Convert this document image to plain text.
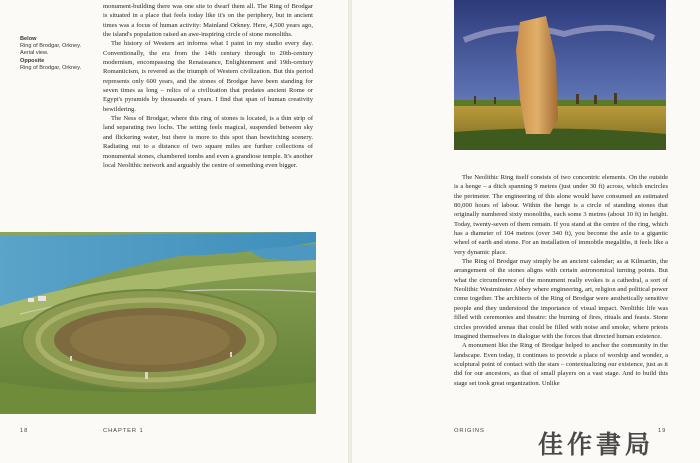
Below
Ring of Brodgar, Orkney. Aerial view.
Opposite
Ring of Brodgar, Orkney.

monument-building there was one site to dwarf them all. The Ring of Brodgar is situated in a place that feels today like it's on the periphery, but in ancient times was a focus of human activity: Mainland Orkney. Here, 4,500 years ago, the island's population raised an awe-inspiring circle of stone monoliths.

The history of Western art informs what I paint in my studio every day. Conventionally, the era from the 14th century through to 20th-century modernism, encompassing the Renaissance, Enlightenment and 19th-century Romanticism, is revered as the triumph of Western civilization. But this period represents only 600 years, and the stones of Brodgar have been standing for seven times as long – relics of a civilization that predates ancient Rome or Egypt's pyramids by thousands of years. I find that span of human creativity bewildering.

The Ness of Brodgar, where this ring of stones is located, is a thin strip of land separating two lochs. The setting feels magical, suspended between sky and flickering water, but there is more to this spot than bewitching scenery. Radiating out to a distance of two square miles are further collections of monumental stones, chambered tombs and even a grandiose temple. It's another local Neolithic network and arguably the centre of something even bigger.

The Neolithic Ring itself consists of two concentric elements. On the outside is a henge – a ditch spanning 9 metres (just under 30 ft) across, which encircles the perimeter. The engineering of this alone would have consumed an estimated 80,000 hours of labour. Within the henge is a circle of standing stones that originally numbered sixty monoliths, each some 3 metres (about 10 ft) in height. Today, twenty-seven of them remain. If you stand at the centre of the ring, which has a diameter of 104 metres (over 340 ft), you become the axle to a gigantic wheel of earth and stone. For an installation of immobile megaliths, it feels like a very dynamic place.

The Ring of Brodgar may simply be an ancient calendar; as at Kilmartin, the arrangement of the stones aligns with certain astronomical turning points. But what the circumference of the monument really evokes is a cathedral, a sort of Neolithic Westminster Abbey where engineering, art, religion and political power come together. The architects of the Ring of Brodgar were aesthetically sensitive people and they understood the importance of visual impact. Neolithic life was filled with ceremonies and theatre: the burning of fires, rituals and feasts. Stone circles provided arenas that could be filled with noise and smoke, where priests imagined themselves in dialogue with the forces that directed human existence.

A monument like the Ring of Brodgar helped to anchor the community in the landscape. Even today, it continues to provide a place of worship and wonder, a sculptural point of contact with the stars – contextualizing our existence, just as it did for our ancestors, as that of small players on a vast stage. And to build this stage set took great organization. Unlike

18	CHAPTER 1	ORIGINS	19
佳作書局
